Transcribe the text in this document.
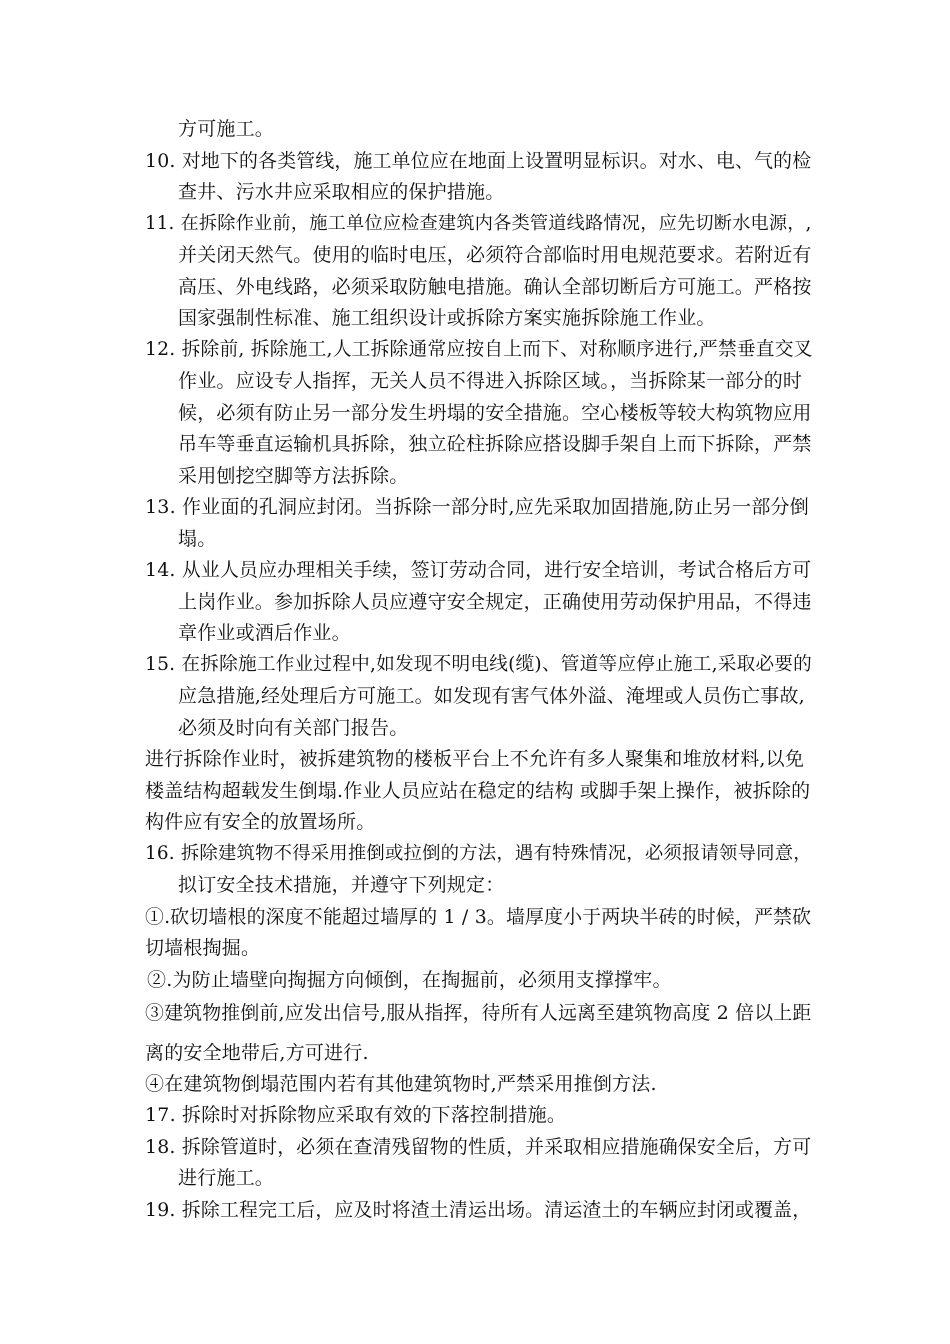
方可施工。
10. 对地下的各类管线，施工单位应在地面上设置明显标识。对水、电、气的检
查井、污水井应采取相应的保护措施。
11. 在拆除作业前，施工单位应检查建筑内各类管道线路情况，应先切断水电源，,
并关闭天然气。使用的临时电压，必须符合部临时用电规范要求。若附近有
高压、外电线路，必须采取防触电措施。确认全部切断后方可施工。严格按
国家强制性标准、施工组织设计或拆除方案实施拆除施工作业。
12. 拆除前, 拆除施工,人工拆除通常应按自上而下、对称顺序进行,严禁垂直交叉
作业。应设专人指挥，无关人员不得进入拆除区域。，当拆除某一部分的时
候，必须有防止另一部分发生坍塌的安全措施。空心楼板等较大构筑物应用
吊车等垂直运输机具拆除，独立砼柱拆除应搭设脚手架自上而下拆除，严禁
采用刨挖空脚等方法拆除。
13. 作业面的孔洞应封闭。当拆除一部分时,应先采取加固措施,防止另一部分倒
塌。
14. 从业人员应办理相关手续，签订劳动合同，进行安全培训，考试合格后方可
上岗作业。参加拆除人员应遵守安全规定，正确使用劳动保护用品，不得违
章作业或酒后作业。
15. 在拆除施工作业过程中,如发现不明电线(缆)、管道等应停止施工,采取必要的
应急措施,经处理后方可施工。如发现有害气体外溢、淹埋或人员伤亡事故,
必须及时向有关部门报告。
进行拆除作业时，被拆建筑物的楼板平台上不允许有多人聚集和堆放材料,以免
楼盖结构超载发生倒塌.作业人员应站在稳定的结构 或脚手架上操作，被拆除的
构件应有安全的放置场所。
16. 拆除建筑物不得采用推倒或拉倒的方法，遇有特殊情况，必须报请领导同意，
拟订安全技术措施，并遵守下列规定：
①.砍切墙根的深度不能超过墙厚的 1 / 3。墙厚度小于两块半砖的时候，严禁砍
切墙根掏掘。
②.为防止墙壁向掏掘方向倾倒，在掏掘前，必须用支撑撑牢。
③建筑物推倒前,应发出信号,服从指挥，待所有人远离至建筑物高度 2 倍以上距
离的安全地带后,方可进行.
④在建筑物倒塌范围内若有其他建筑物时,严禁采用推倒方法.
17. 拆除时对拆除物应采取有效的下落控制措施。
18. 拆除管道时，必须在查清残留物的性质，并采取相应措施确保安全后，方可
进行施工。
19. 拆除工程完工后，应及时将渣土清运出场。清运渣土的车辆应封闭或覆盖，
